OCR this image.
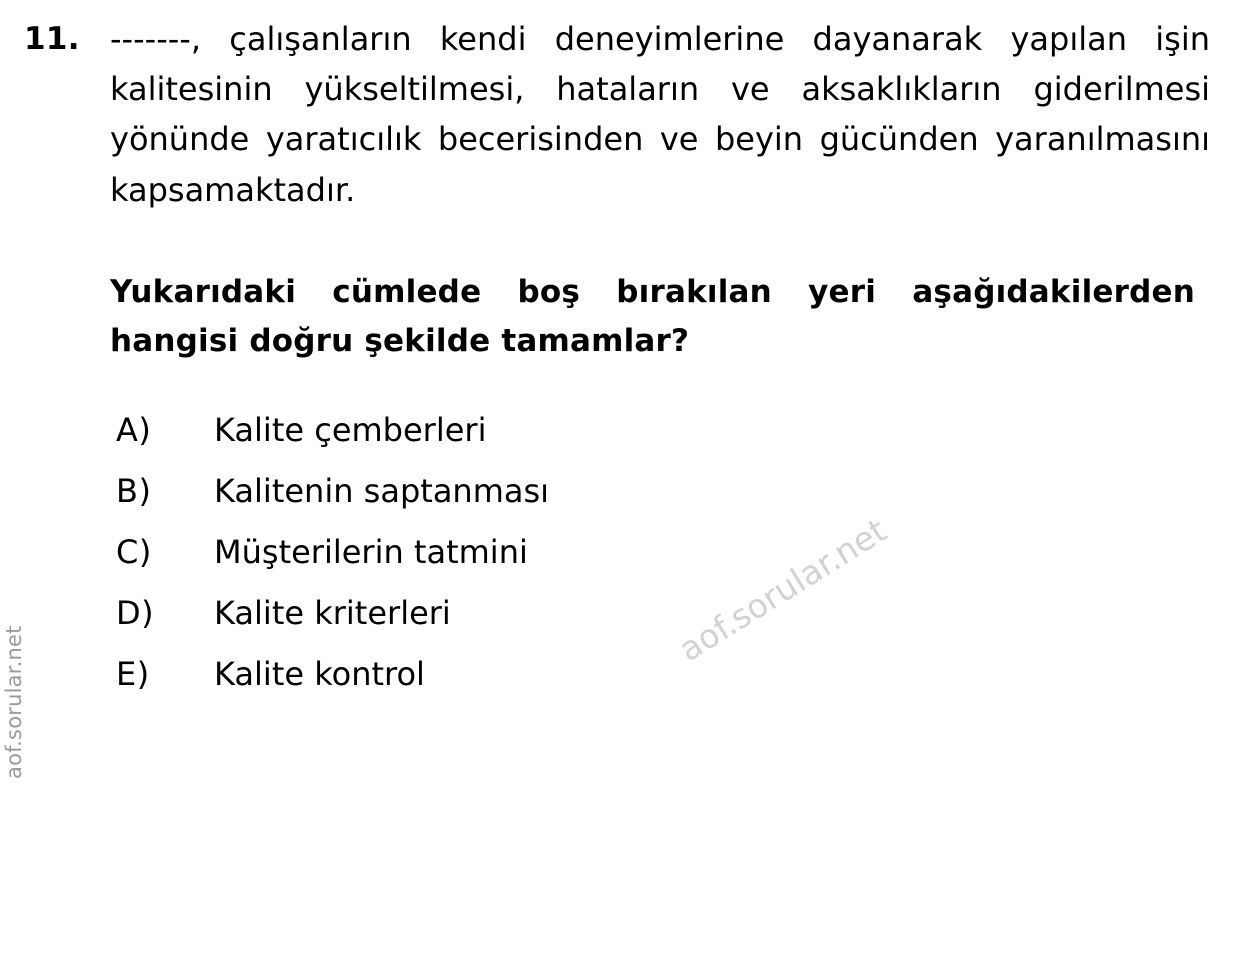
aof.sorular.net
aof.sorular.net
11. -------, çalışanların kendi deneyimlerine dayanarak yapılan işin kalitesinin yükseltilmesi, hataların ve aksaklıkların giderilmesi yönünde yaratıcılık becerisinden ve beyin gücünden yaranılmasını kapsamaktadır.
Yukarıdaki cümlede boş bırakılan yeri aşağıdakilerden hangisi doğru şekilde tamamlar?
A)	Kalite çemberleri
B)	Kalitenin saptanması
C)	Müşterilerin tatmini
D)	Kalite kriterleri
E)	Kalite kontrol
